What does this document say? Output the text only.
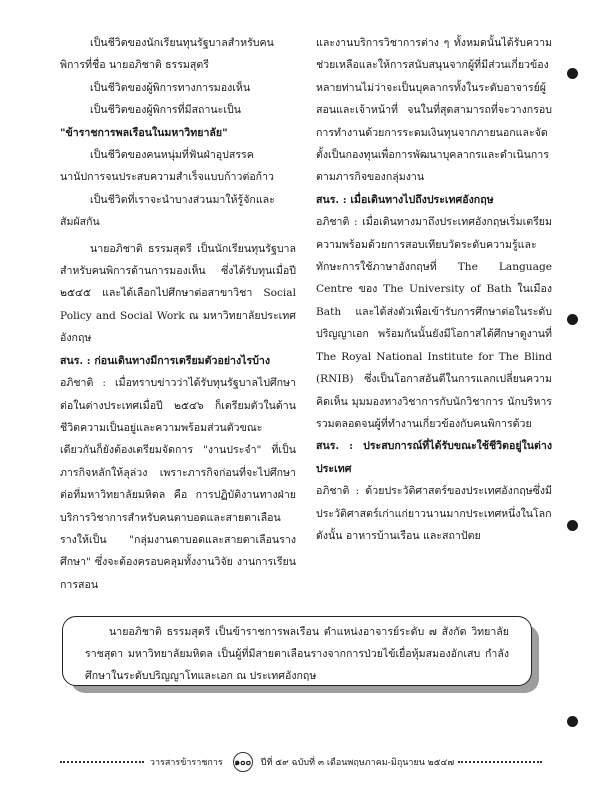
เป็นชีวิตของนักเรียนทุนรัฐบาลสำหรับคนพิการที่ชื่อ นายอภิชาติ ธรรมสุตรี

เป็นชีวิตของผู้พิการทางการมองเห็น

เป็นชีวิตของผู้พิการที่มีสถานะเป็น

"ข้าราชการพลเรือนในมหาวิทยาลัย"

เป็นชีวิตของคนหนุ่มที่ฟันฝ่าอุปสรรคนานัปการจนประสบความสำเร็จแบบก้าวต่อก้าว

เป็นชีวิตที่เราจะนำบางส่วนมาให้รู้จักและสัมผัสกัน

นายอภิชาติ ธรรมสุตรี เป็นนักเรียนทุนรัฐบาลสำหรับคนพิการด้านการมองเห็น ซึ่งได้รับทุนเมื่อปี ๒๕๔๕ และได้เลือกไปศึกษาต่อสาขาวิชา Social Policy and Social Work ณ มหาวิทยาลัยประเทศอังกฤษ

สนร. : ก่อนเดินทางมีการเตรียมตัวอย่างไรบ้าง

อภิชาติ : เมื่อทราบข่าวว่าได้รับทุนรัฐบาลไปศึกษาต่อในต่างประเทศเมื่อปี ๒๕๔๖ ก็เตรียมตัวในด้านชีวิตความเป็นอยู่และความพร้อมส่วนตัวขณะเดียวกันก็ยังต้องเตรียมจัดการ "งานประจำ" ที่เป็นภารกิจหลักให้ลุล่วง เพราะภารกิจก่อนที่จะไปศึกษาต่อที่มหาวิทยาลัยมหิดล คือ การปฏิบัติงานทางฝ่ายบริการวิชาการสำหรับคนตาบอดและสายตาเลือนรางให้เป็น "กลุ่มงานตาบอดและสายตาเลือนรางศึกษา" ซึ่งจะต้องครอบคลุมทั้งงานวิจัย งานการเรียนการสอน

และงานบริการวิชาการต่าง ๆ ทั้งหมดนั้นได้รับความช่วยเหลือและให้การสนับสนุนจากผู้ที่มีส่วนเกี่ยวข้องหลายท่านไม่ว่าจะเป็นบุคลากรทั้งในระดับอาจารย์ผู้สอนและเจ้าหน้าที่ จนในที่สุดสามารถที่จะวางกรอบการทำงานด้วยการระดมเงินทุนจากภายนอกและจัดตั้งเป็นกองทุนเพื่อการพัฒนาบุคลากรและดำเนินการตามภารกิจของกลุ่มงาน

สนร. : เมื่อเดินทางไปถึงประเทศอังกฤษ

อภิชาติ : เมื่อเดินทางมาถึงประเทศอังกฤษเริ่มเตรียมความพร้อมด้วยการสอบเทียบวัดระดับความรู้และทักษะการใช้ภาษาอังกฤษที่ The Language Centre ของ The University of Bath ในเมือง Bath และได้ส่งตัวเพื่อเข้ารับการศึกษาต่อในระดับปริญญาเอก พร้อมกันนั้นยังมีโอกาสได้ศึกษาดูงานที่ The Royal National Institute for The Blind (RNIB) ซึ่งเป็นโอกาสอันดีในการแลกเปลี่ยนความคิดเห็น มุมมองทางวิชาการกับนักวิชาการ นักบริหารรวมตลอดจนผู้ที่ทำงานเกี่ยวข้องกับคนพิการด้วย

สนร. : ประสบการณ์ที่ได้รับขณะใช้ชีวิตอยู่ในต่างประเทศ

อภิชาติ : ด้วยประวัติศาสตร์ของประเทศอังกฤษซึ่งมีประวัติศาสตร์เก่าแก่ยาวนานมากประเทศหนึ่งในโลก ดังนั้น อาหารบ้านเรือน และสถาปัตย

นายอภิชาติ ธรรมสุตรี เป็นข้าราชการพลเรือน ตำแหน่งอาจารย์ระดับ ๗ สังกัด วิทยาลัยราชสุดา มหาวิทยาลัยมหิดล เป็นผู้ที่มีสายตาเลือนรางจากการป่วยไข้เยื่อหุ้มสมองอักเสบ กำลังศึกษาในระดับปริญญาโทและเอก ณ ประเทศอังกฤษ

วารสารข้าราชการ	๑๐๐	ปีที่ ๕๙ ฉบับที่ ๓ เดือนพฤษภาคม-มิถุนายน ๒๕๔๗
